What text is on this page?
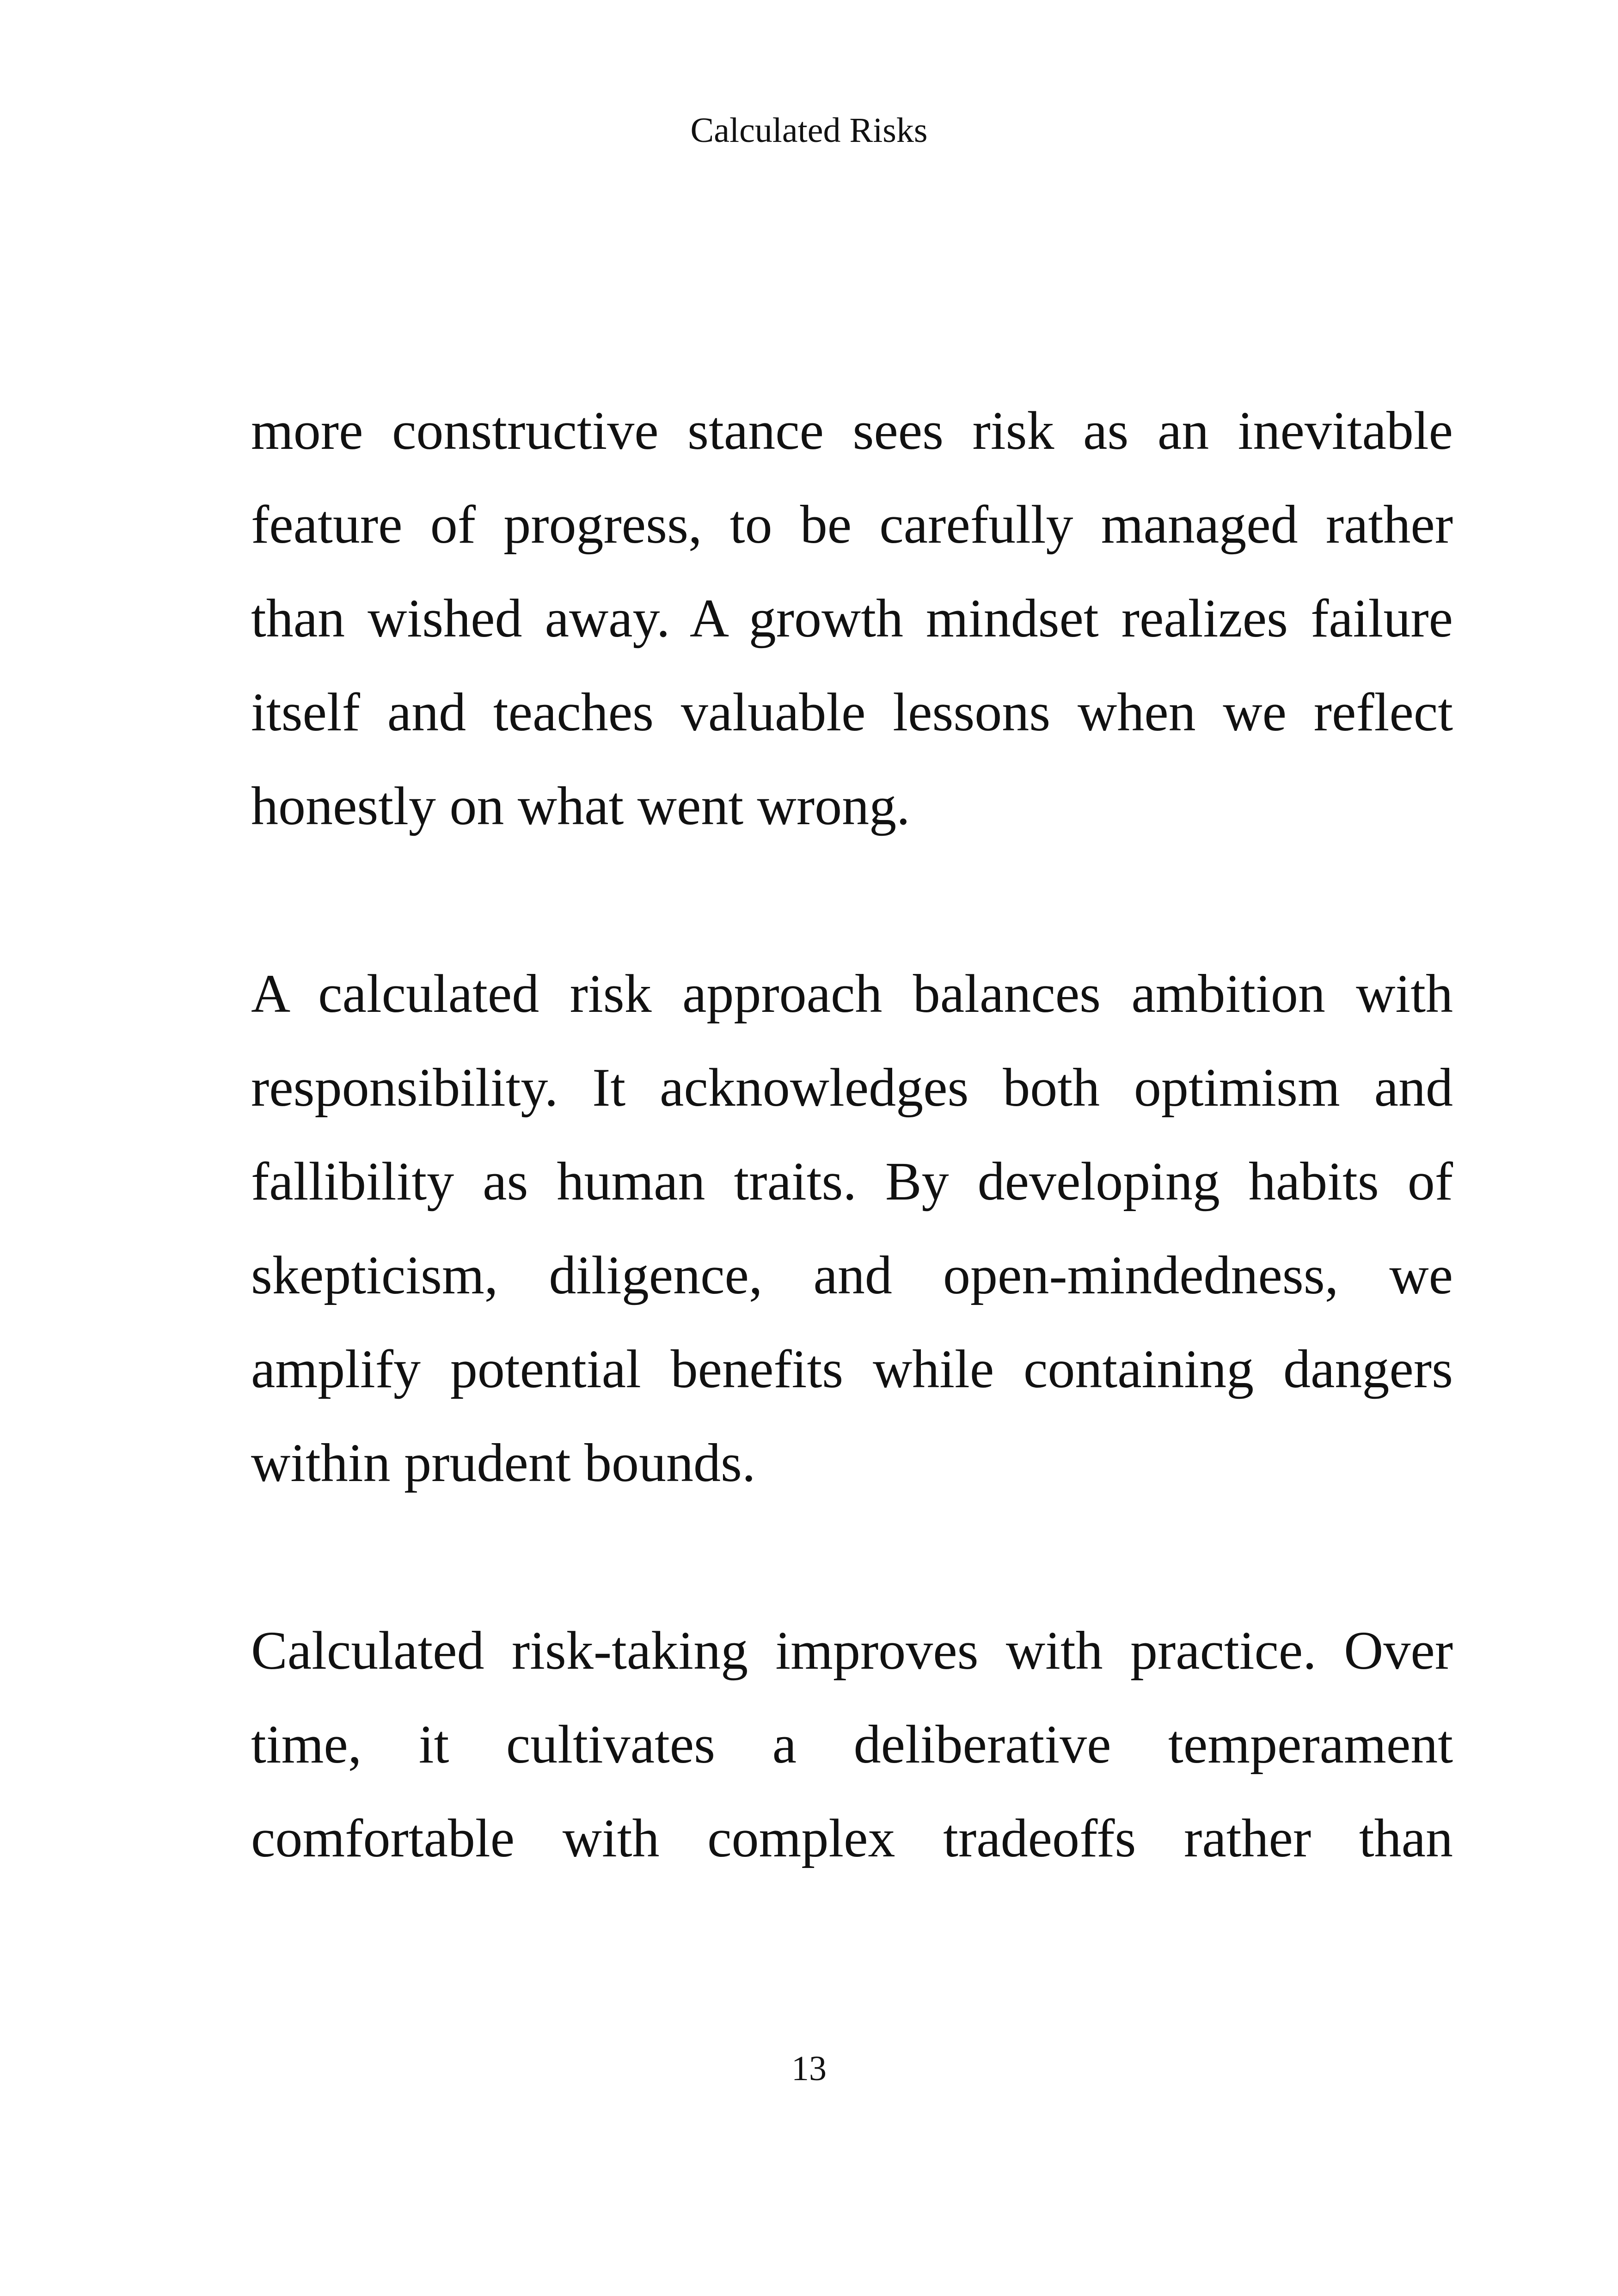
Calculated Risks

more constructive stance sees risk as an inevitable feature of progress, to be carefully managed rather than wished away. A growth mindset realizes failure itself and teaches valuable lessons when we reflect honestly on what went wrong.

A calculated risk approach balances ambition with responsibility. It acknowledges both optimism and fallibility as human traits. By developing habits of skepticism, diligence, and open-mindedness, we amplify potential benefits while containing dangers within prudent bounds.

Calculated risk-taking improves with practice. Over time, it cultivates a deliberative temperament comfortable with complex tradeoffs rather than

13
